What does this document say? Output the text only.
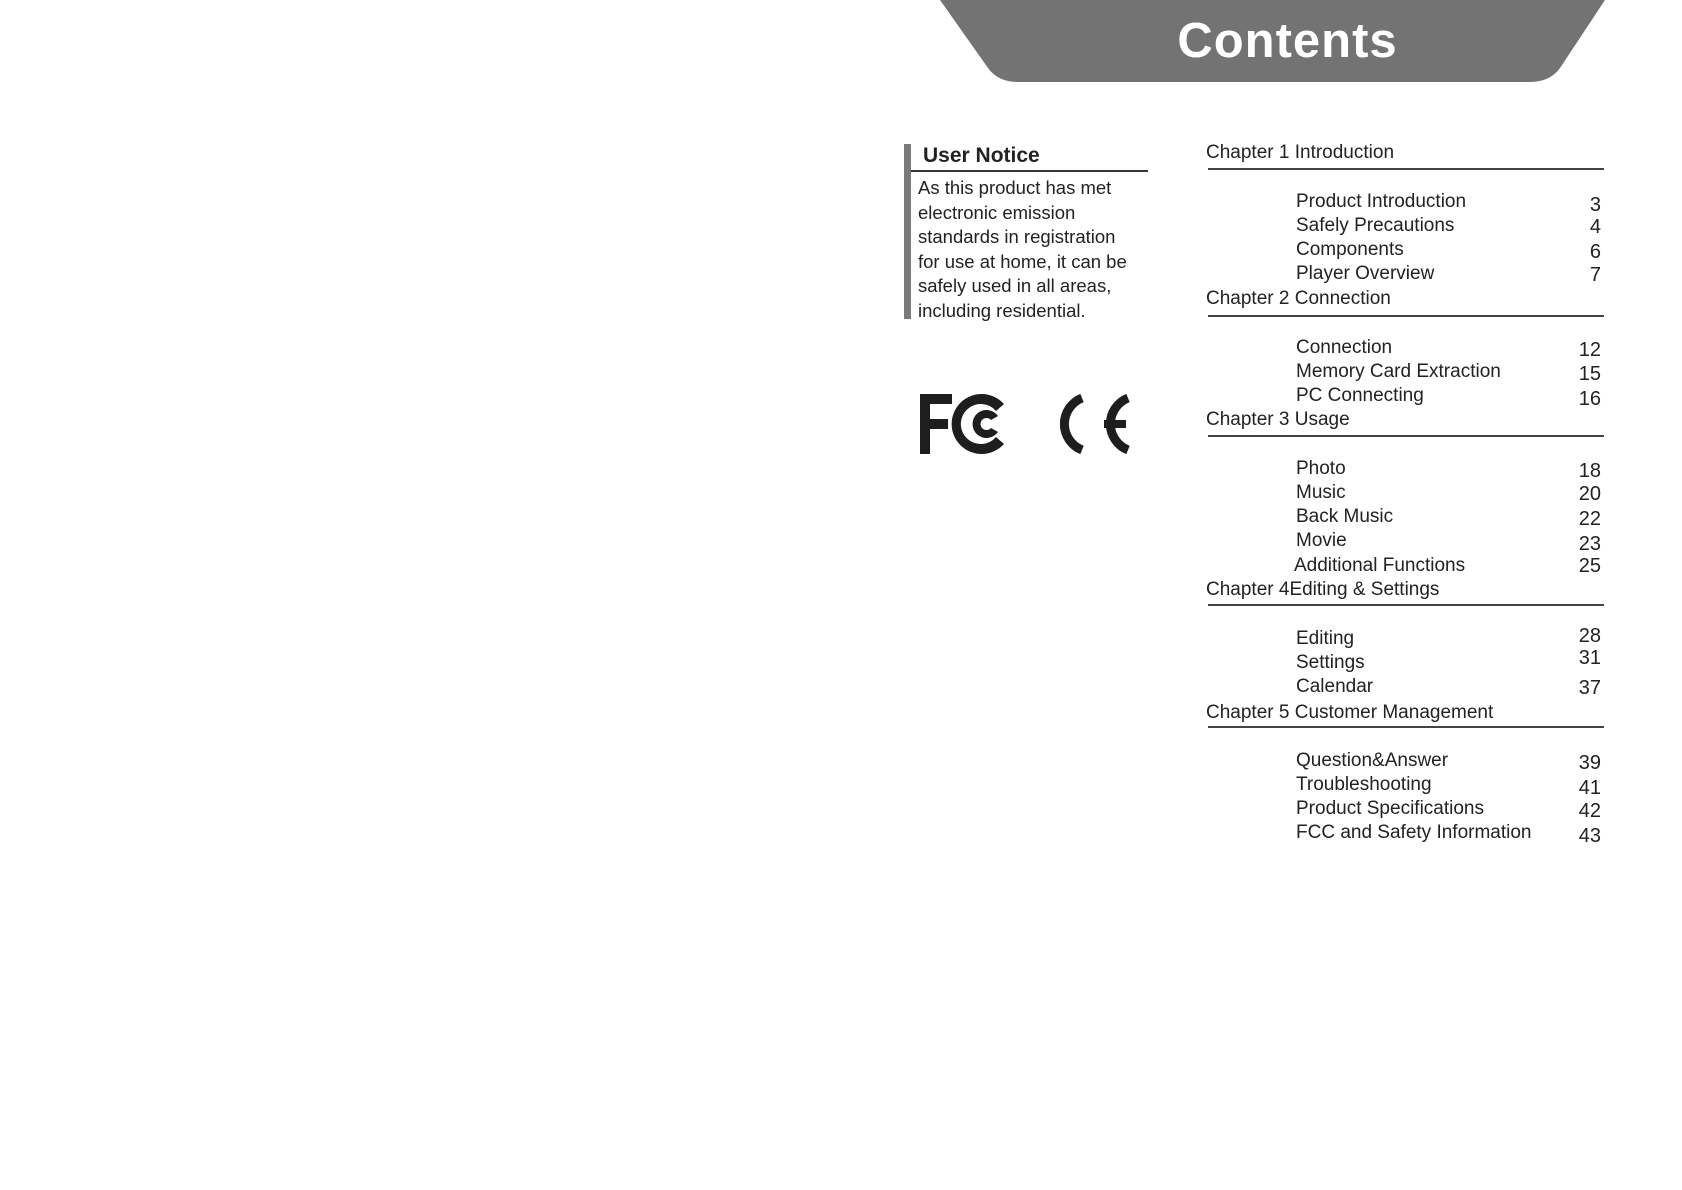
Contents
User Notice
As this product has met
electronic emission
standards in registration
for use at home, it can be
safely used in all areas,
including residential.
Chapter 1 Introduction
Product Introduction	3
Safely Precautions	4
Components	6
Player Overview	7
Chapter 2 Connection
Connection	12
Memory Card Extraction	15
PC Connecting	16
Chapter 3 Usage
Photo	18
Music	20
Back Music	22
Movie	23
Additional Functions	25
Chapter 4Editing & Settings
Editing	28
Settings	31
Calendar	37
Chapter 5 Customer Management
Question&Answer	39
Troubleshooting	41
Product Specifications	42
FCC and Safety Information	43
